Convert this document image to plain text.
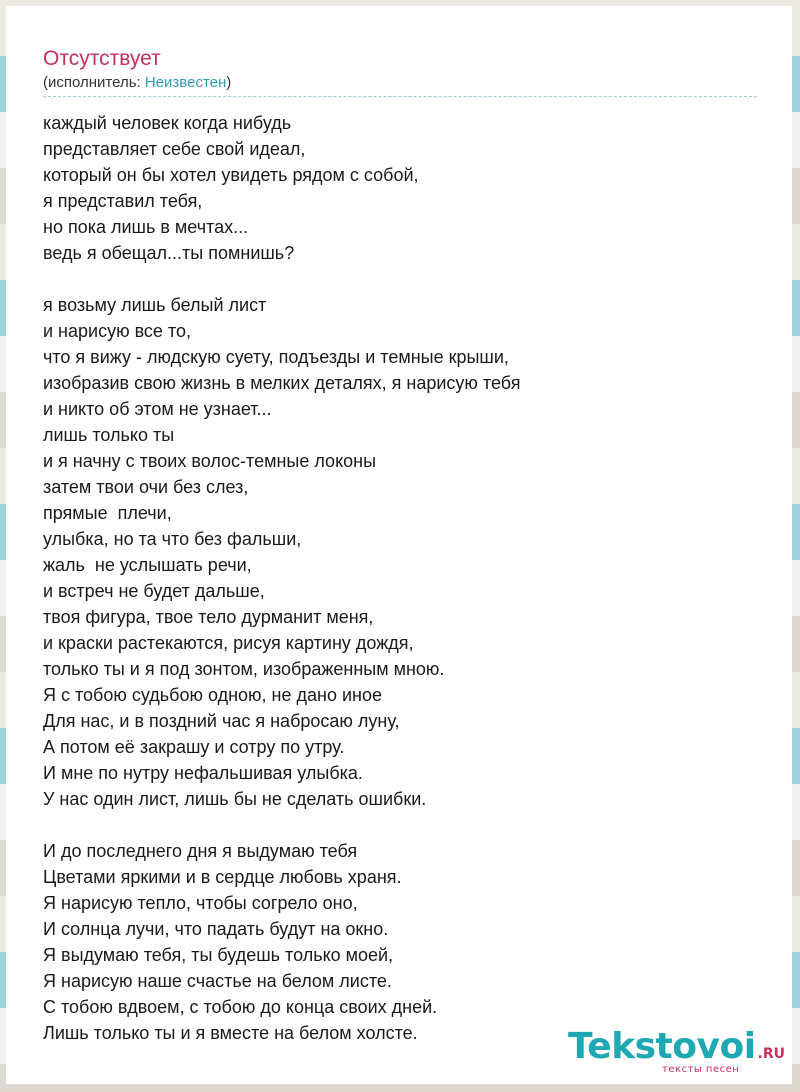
Отсутствует
(исполнитель: Неизвестен)
каждый человек когда нибудь
представляет себе свой идеал,
который он бы хотел увидеть рядом с собой,
я представил тебя,
но пока лишь в мечтах...
ведь я обещал...ты помнишь?
я возьму лишь белый лист
и нарисую все то,
что я вижу - людскую суету, подъезды и темные крыши,
изобразив свою жизнь в мелких деталях, я нарисую тебя
и никто об этом не узнает...
лишь только ты
и я начну с твоих волос-темные локоны
затем твои очи без слез,
прямые  плечи,
улыбка, но та что без фальши,
жаль  не услышать речи,
и встреч не будет дальше,
твоя фигура, твое тело дурманит меня,
и краски растекаются, рисуя картину дождя,
только ты и я под зонтом, изображенным мною.
Я с тобою судьбою одною, не дано иное
Для нас, и в поздний час я набросаю луну,
А потом её закрашу и сотру по утру.
И мне по нутру нефальшивая улыбка.
У нас один лист, лишь бы не сделать ошибки.
И до последнего дня я выдумаю тебя
Цветами яркими и в сердце любовь храня.
Я нарисую тепло, чтобы согрело оно,
И солнца лучи, что падать будут на окно.
Я выдумаю тебя, ты будешь только моей,
Я нарисую наше счастье на белом листе.
С тобою вдвоем, с тобою до конца своих дней.
Лишь только ты и я вместе на белом холсте.	Tekstovoi .RU
тексты песен
